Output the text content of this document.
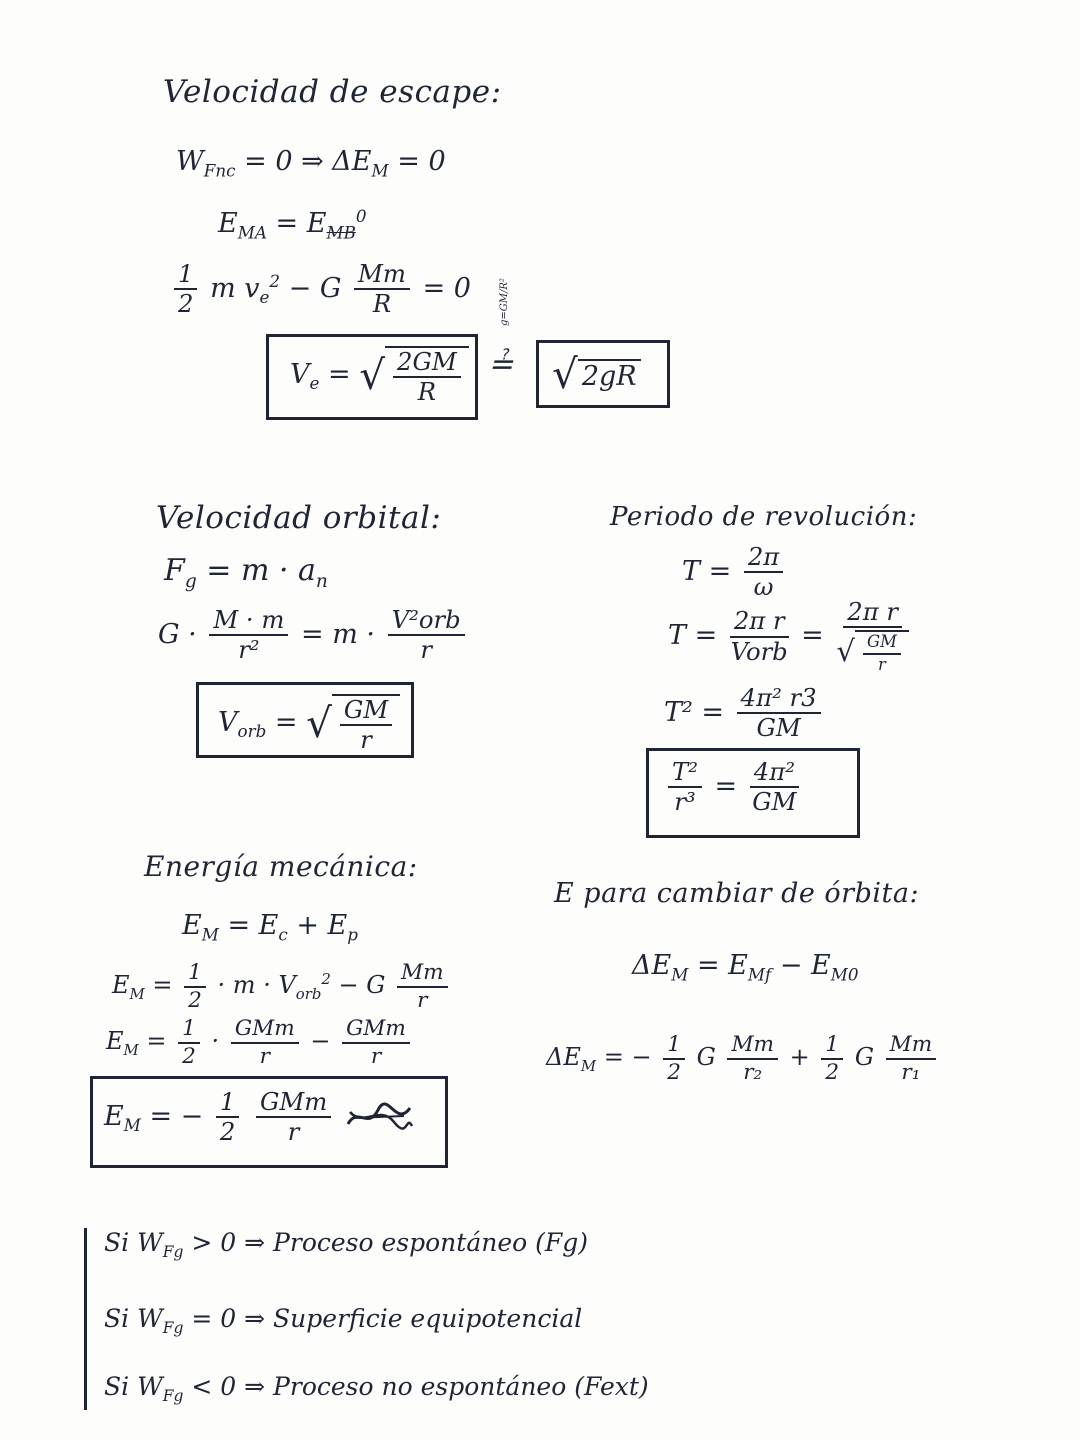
Velocidad de escape:
$W_{Fnc} = 0$ ⇒ $\Delta E_M = 0$
$E_{MA} = E_{MB}^0$
$\frac{1}{2}$ m $v_e^2 - G \frac{Mm}{R} = 0$
$V_e$ = √ $\frac{2GM}{R}$ ≟
g=GM/R²
√ 2gR
Velocidad orbital:
$F_g = m \cdot a_n$
$G \cdot \frac{M \cdot m}{\text{r²}} = m \cdot \frac{\text{V²orb}}{r}$
$V_{orb}$ = √ $\frac{GM}{r}$
Periodo de revolución:
$T = \frac{2\pi}{\omega}$
$T = \frac{\text{2π r}}{\text{Vorb}} = \frac{\text{2π r}}{√ \frac{GM}{r}}$
$T^2 = \frac{\text{4π² r3}}{GM}$
$\frac{\text{T²}}{\text{r³}} = \frac{\text{4π²}}{GM}$
Energía mecánica:
$E_M = E_c + E_p$
$E_M = \frac{1}{2} \cdot m \cdot V_{orb}^2 - G \frac{Mm}{r}$
$E_M = \frac{1}{2} \cdot \frac{\text{GMm}}{r} - \frac{\text{GMm}}{r}$
$E_M$ = − $\frac{1}{2}$
$\frac{\text{GMm}}{r}$

E para cambiar de órbita:
$\Delta E_M = E_{Mf} - E_{M0}$
$\Delta E_M$ = − $\frac{1}{2}$ G $\frac{Mm}{\text{r₂}} + \frac{1}{2}$ G $\frac{Mm}{\text{r₁}}$
Si $W_{Fg} > 0$ ⇒ Proceso espontáneo (Fg)
Si $W_{Fg} = 0$ ⇒ Superficie equipotencial
Si $W_{Fg} < 0$ ⇒ Proceso no espontáneo (Fext)
